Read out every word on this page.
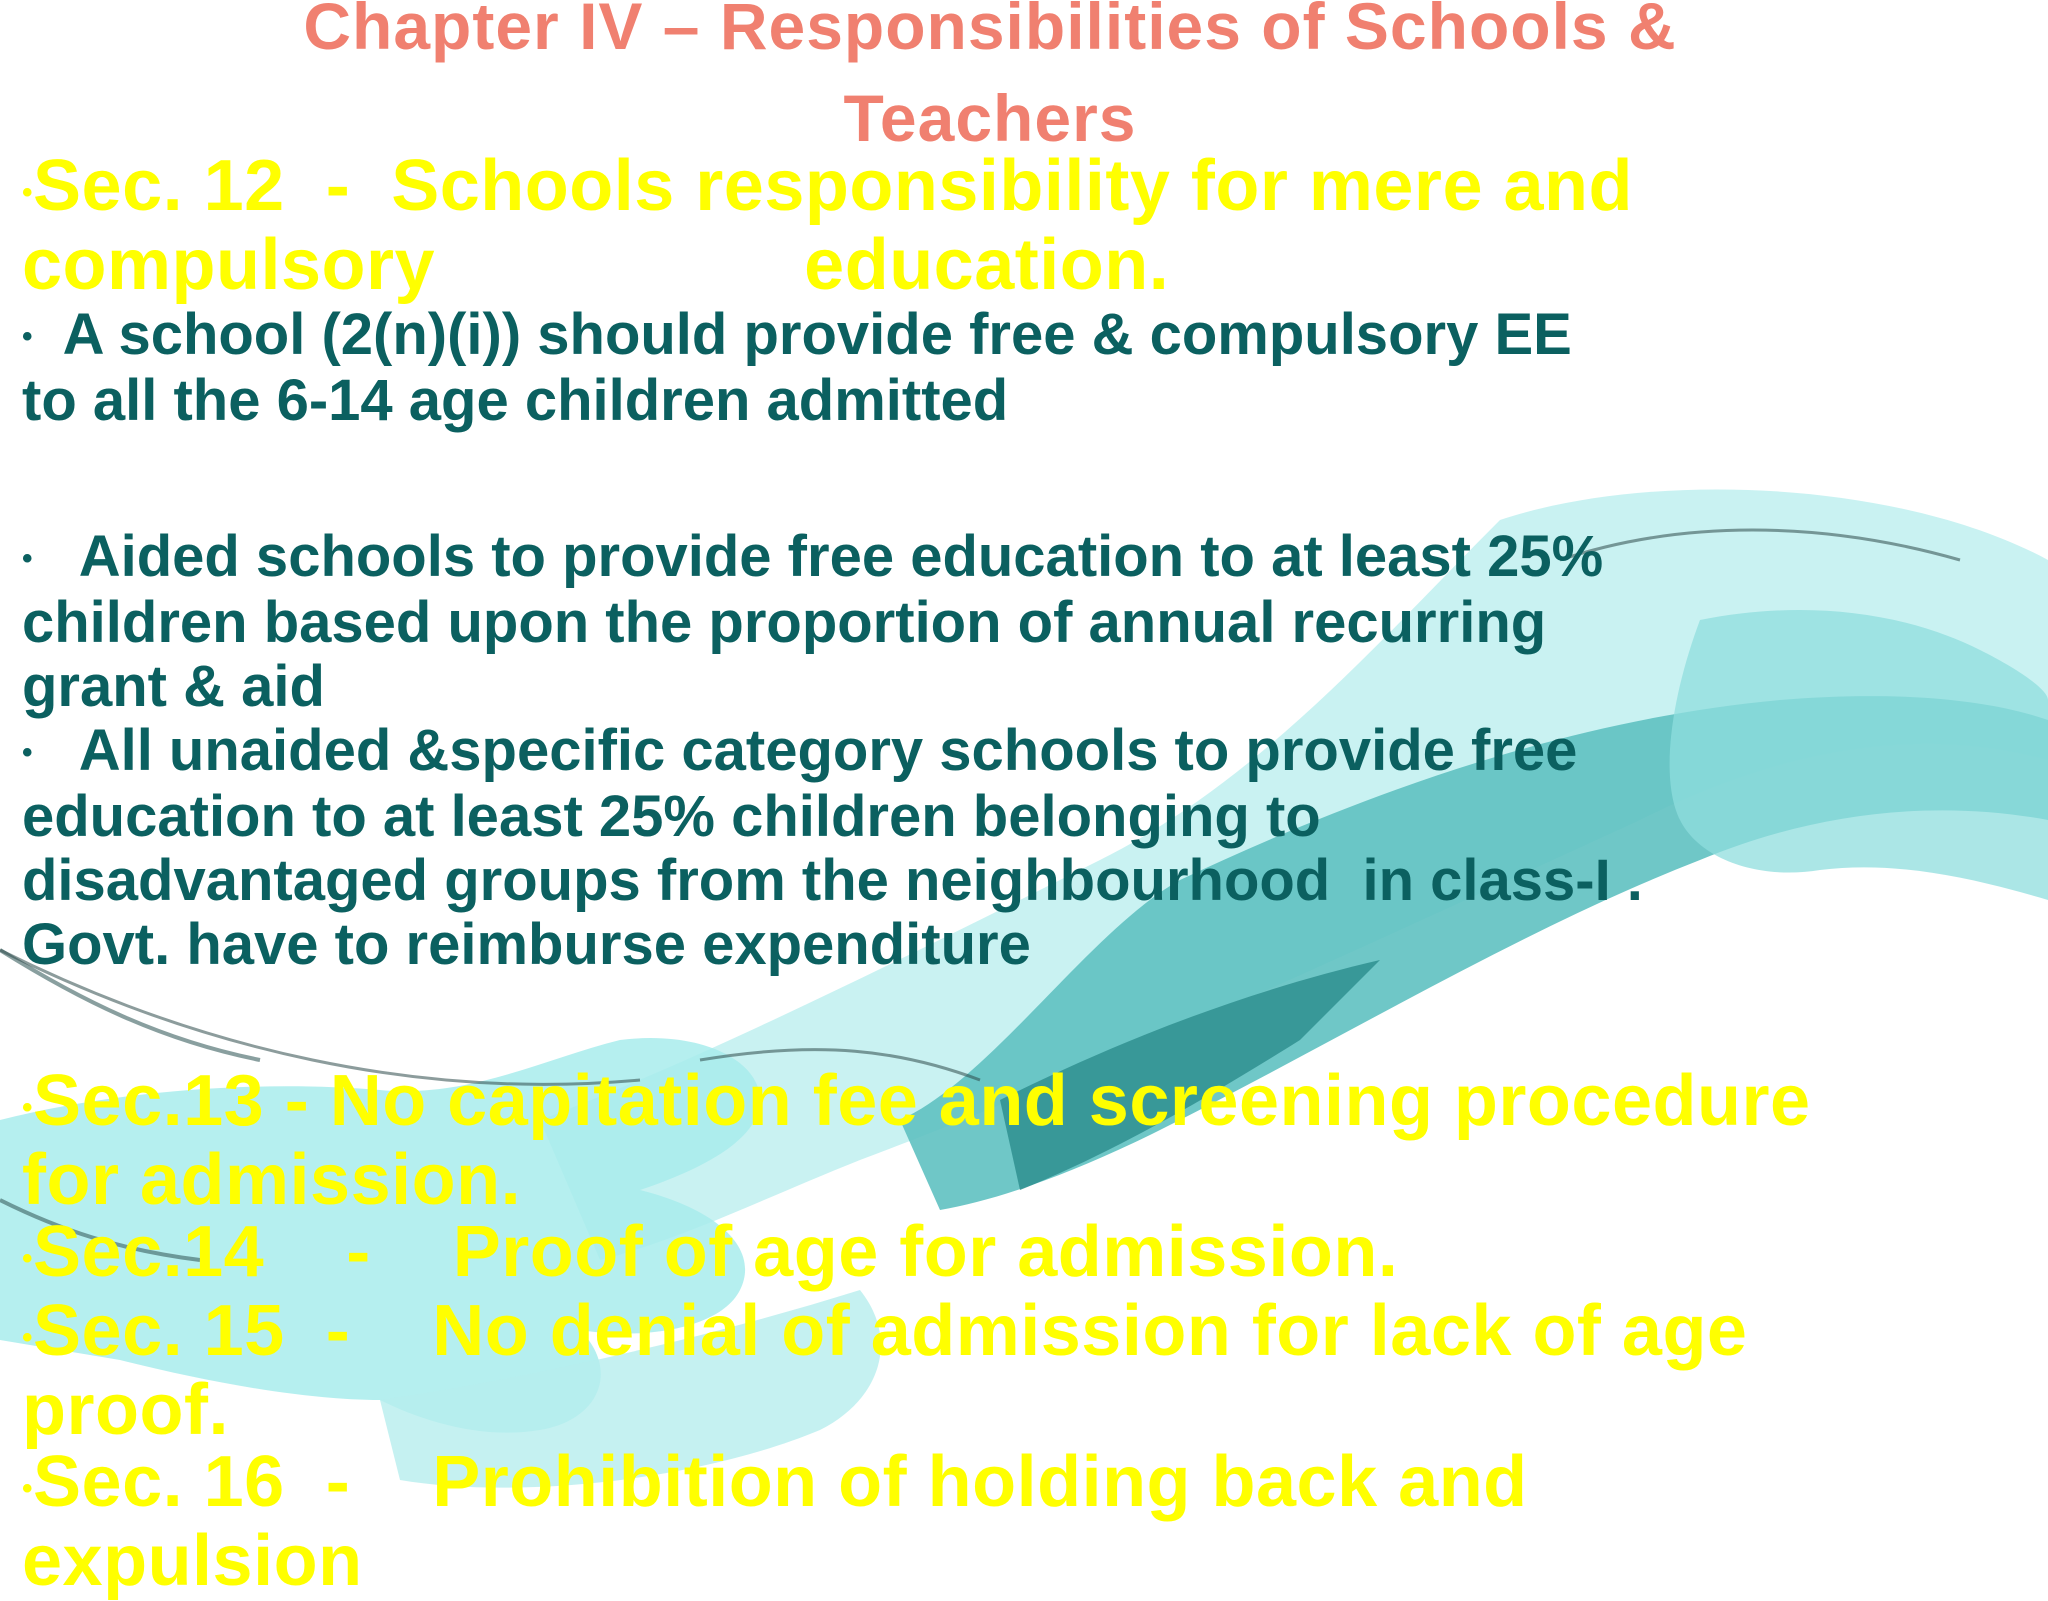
Chapter IV – Responsibilities of Schools &
Teachers

•Sec. 12  -  Schools responsibility for mere and

compulsory                  education.

•  A school (2(n)(i)) should provide free & compulsory EE

to all the 6-14 age children admitted

•   Aided schools to provide free education to at least 25%

children based upon the proportion of annual recurring

grant & aid

•   All unaided &specific category schools to provide free

education to at least 25% children belonging to

disadvantaged groups from the neighbourhood  in class-I .

Govt. have to reimburse expenditure

•Sec.13 - No capitation fee and screening procedure

for admission.

•Sec.14    -    Proof of age for admission.

•Sec. 15  -    No denial of admission for lack of age

proof.

•Sec. 16  -    Prohibition of holding back and

expulsion
